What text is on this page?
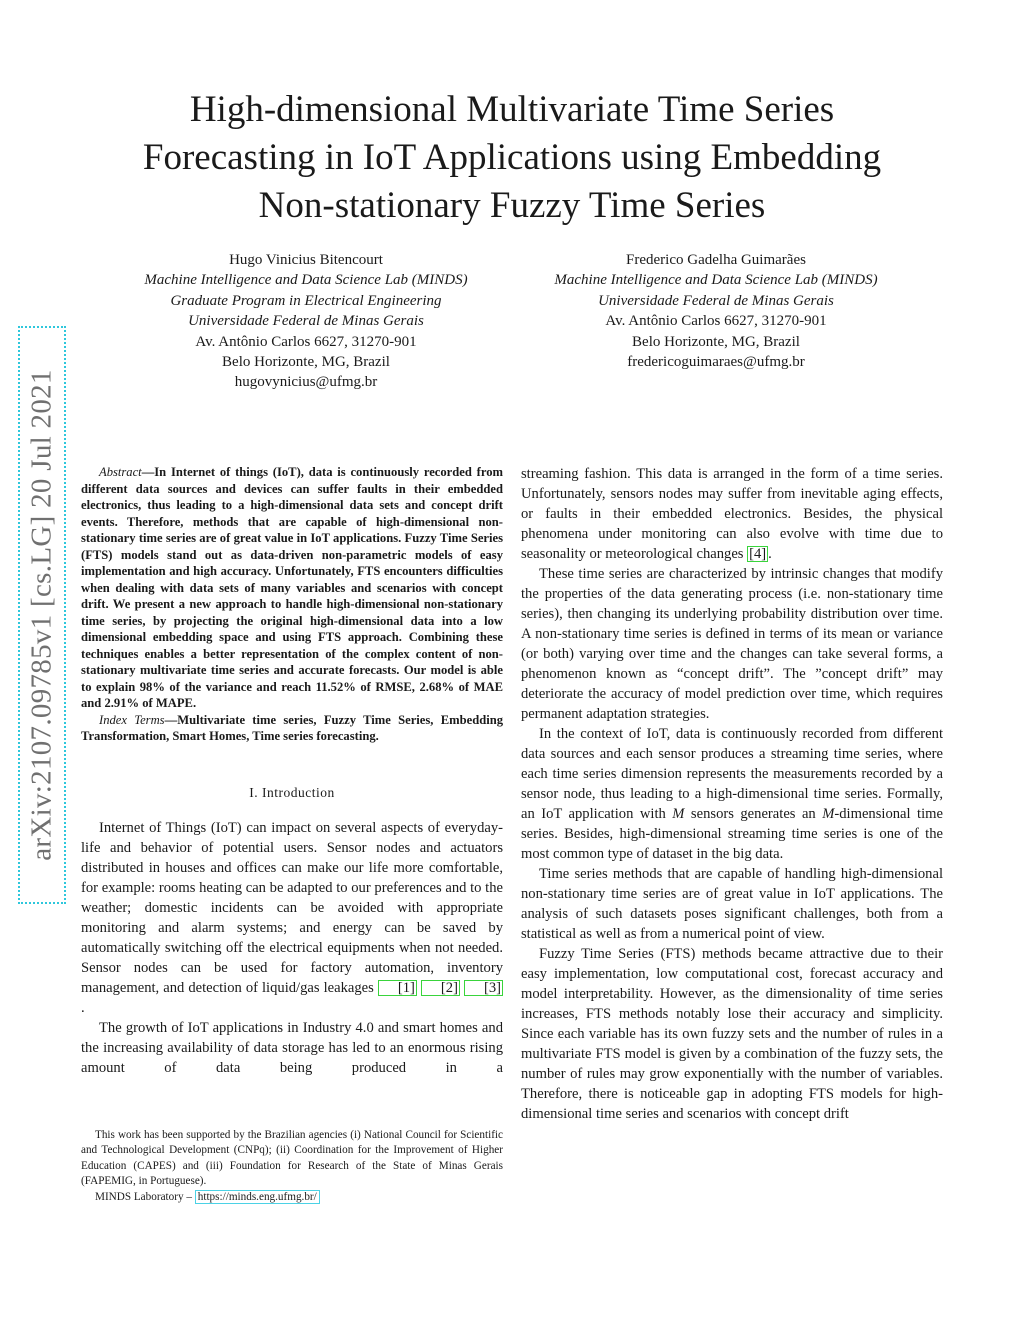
High-dimensional Multivariate Time Series
Forecasting in IoT Applications using Embedding
Non-stationary Fuzzy Time Series
Hugo Vinicius Bitencourt
Machine Intelligence and Data Science Lab (MINDS)
Graduate Program in Electrical Engineering
Universidade Federal de Minas Gerais
Av. Antônio Carlos 6627, 31270-901
Belo Horizonte, MG, Brazil
hugovynicius@ufmg.br
Frederico Gadelha Guimarães
Machine Intelligence and Data Science Lab (MINDS)
Universidade Federal de Minas Gerais
Av. Antônio Carlos 6627, 31270-901
Belo Horizonte, MG, Brazil
fredericoguimaraes@ufmg.br
arXiv:2107.09785v1 [cs.LG] 20 Jul 2021	Abstract—In Internet of things (IoT), data is continuously recorded from different data sources and devices can suffer faults in their embedded electronics, thus leading to a high-dimensional data sets and concept drift events. Therefore, methods that are capable of high-dimensional non-stationary time series are of great value in IoT applications. Fuzzy Time Series (FTS) models stand out as data-driven non-parametric models of easy implementation and high accuracy. Unfortunately, FTS encounters difficulties when dealing with data sets of many variables and scenarios with concept drift. We present a new approach to handle high-dimensional non-stationary time series, by projecting the original high-dimensional data into a low dimensional embedding space and using FTS approach. Combining these techniques enables a better representation of the complex content of non-stationary multivariate time series and accurate forecasts. Our model is able to explain 98% of the variance and reach 11.52% of RMSE, 2.68% of MAE and 2.91% of MAPE.

Index Terms—Multivariate time series, Fuzzy Time Series, Embedding Transformation, Smart Homes, Time series forecasting.

I. Introduction

Internet of Things (IoT) can impact on several aspects of everyday-life and behavior of potential users. Sensor nodes and actuators distributed in houses and offices can make our life more comfortable, for example: rooms heating can be adapted to our preferences and to the weather; domestic incidents can be avoided with appropriate monitoring and alarm systems; and energy can be saved by automatically switching off the electrical equipments when not needed. Sensor nodes can be used for factory automation, inventory management, and detection of liquid/gas leakages [1] [2] [3].

The growth of IoT applications in Industry 4.0 and smart homes and the increasing availability of data storage has led to an enormous rising amount of data being produced in a

streaming fashion. This data is arranged in the form of a time series. Unfortunately, sensors nodes may suffer from inevitable aging effects, or faults in their embedded electronics. Besides, the physical phenomena under monitoring can also evolve with time due to seasonality or meteorological changes [4] .

These time series are characterized by intrinsic changes that modify the properties of the data generating process (i.e. non-stationary time series), then changing its underlying probability distribution over time. A non-stationary time series is defined in terms of its mean or variance (or both) varying over time and the changes can take several forms, a phenomenon known as “concept drift”. The ”concept drift” may deteriorate the accuracy of model prediction over time, which requires permanent adaptation strategies.

In the context of IoT, data is continuously recorded from different data sources and each sensor produces a streaming time series, where each time series dimension represents the measurements recorded by a sensor node, thus leading to a high-dimensional time series. Formally, an IoT application with M sensors generates an M-dimensional time series. Besides, high-dimensional streaming time series is one of the most common type of dataset in the big data.

Time series methods that are capable of handling high-dimensional non-stationary time series are of great value in IoT applications. The analysis of such datasets poses significant challenges, both from a statistical as well as from a numerical point of view.

Fuzzy Time Series (FTS) methods became attractive due to their easy implementation, low computational cost, forecast accuracy and model interpretability. However, as the dimensionality of time series increases, FTS methods notably lose their accuracy and simplicity. Since each variable has its own fuzzy sets and the number of rules in a multivariate FTS model is given by a combination of the fuzzy sets, the number of rules may grow exponentially with the number of variables. Therefore, there is noticeable gap in adopting FTS models for high-dimensional time series and scenarios with concept drift

This work has been supported by the Brazilian agencies (i) National Council for Scientific and Technological Development (CNPq); (ii) Coordination for the Improvement of Higher Education (CAPES) and (iii) Foundation for Research of the State of Minas Gerais (FAPEMIG, in Portuguese).

MINDS Laboratory – https://minds.eng.ufmg.br/
